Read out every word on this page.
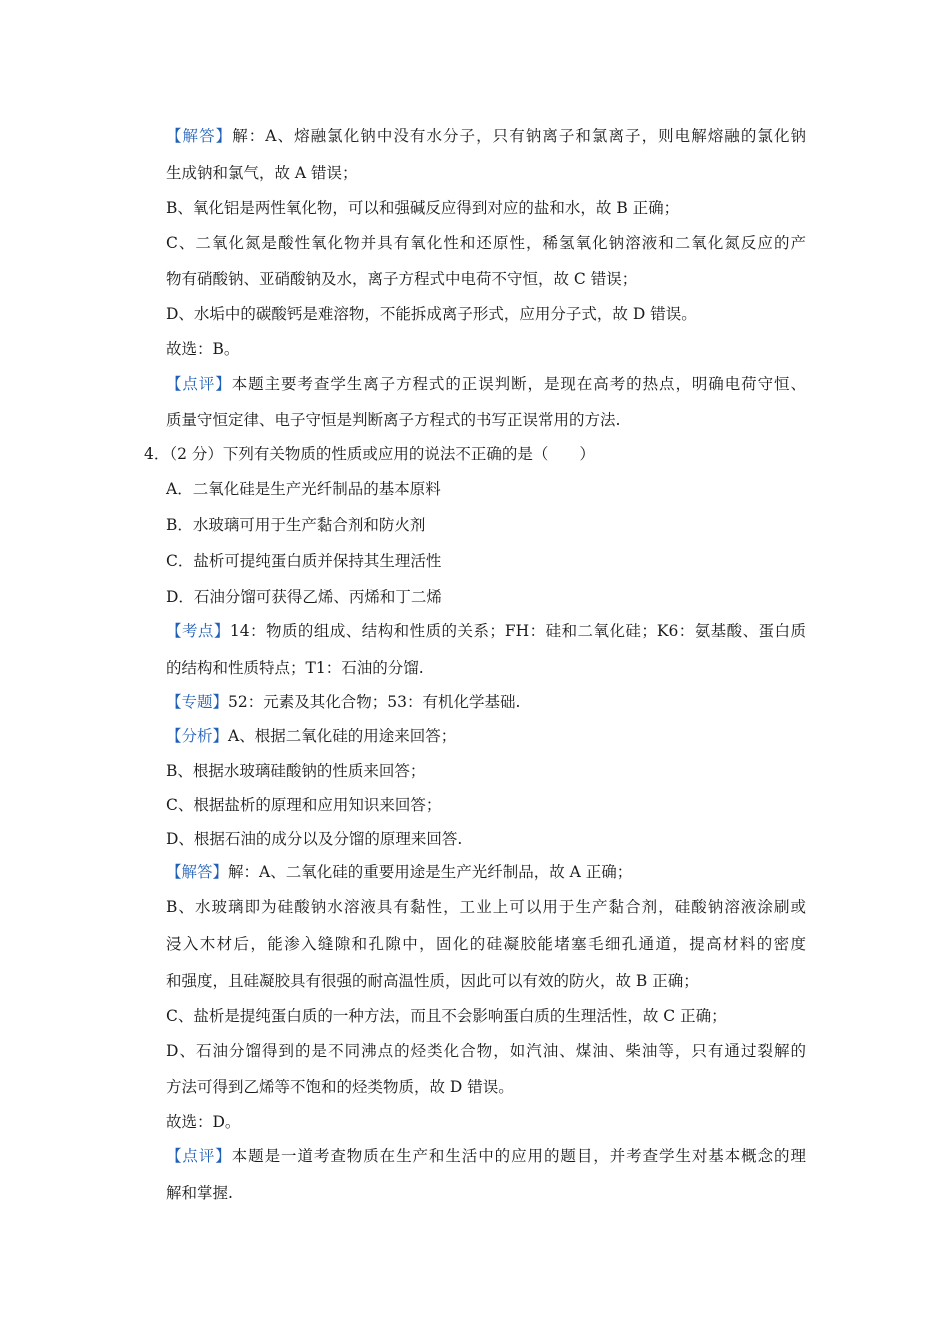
【解答】解：A、熔融氯化钠中没有水分子，只有钠离子和氯离子，则电解熔融的氯化钠
生成钠和氯气，故 A 错误；
B、氧化铝是两性氧化物，可以和强碱反应得到对应的盐和水，故 B 正确；
C、二氧化氮是酸性氧化物并具有氧化性和还原性，稀氢氧化钠溶液和二氧化氮反应的产
物有硝酸钠、亚硝酸钠及水，离子方程式中电荷不守恒，故 C 错误；
D、水垢中的碳酸钙是难溶物，不能拆成离子形式，应用分子式，故 D 错误。
故选：B。
【点评】本题主要考查学生离子方程式的正误判断，是现在高考的热点，明确电荷守恒、
质量守恒定律、电子守恒是判断离子方程式的书写正误常用的方法.
4．（2 分）下列有关物质的性质或应用的说法不正确的是（　　）
A．二氧化硅是生产光纤制品的基本原料
B．水玻璃可用于生产黏合剂和防火剂
C．盐析可提纯蛋白质并保持其生理活性
D．石油分馏可获得乙烯、丙烯和丁二烯
【考点】14：物质的组成、结构和性质的关系；FH：硅和二氧化硅；K6：氨基酸、蛋白质
的结构和性质特点；T1：石油的分馏.
【专题】52：元素及其化合物；53：有机化学基础.
【分析】A、根据二氧化硅的用途来回答；
B、根据水玻璃硅酸钠的性质来回答；
C、根据盐析的原理和应用知识来回答；
D、根据石油的成分以及分馏的原理来回答.
【解答】解：A、二氧化硅的重要用途是生产光纤制品，故 A 正确；
B、水玻璃即为硅酸钠水溶液具有黏性，工业上可以用于生产黏合剂，硅酸钠溶液涂刷或
浸入木材后，能渗入缝隙和孔隙中，固化的硅凝胶能堵塞毛细孔通道，提高材料的密度
和强度，且硅凝胶具有很强的耐高温性质，因此可以有效的防火，故 B 正确；
C、盐析是提纯蛋白质的一种方法，而且不会影响蛋白质的生理活性，故 C 正确；
D、石油分馏得到的是不同沸点的烃类化合物，如汽油、煤油、柴油等，只有通过裂解的
方法可得到乙烯等不饱和的烃类物质，故 D 错误。
故选：D。
【点评】本题是一道考查物质在生产和生活中的应用的题目，并考查学生对基本概念的理
解和掌握.
